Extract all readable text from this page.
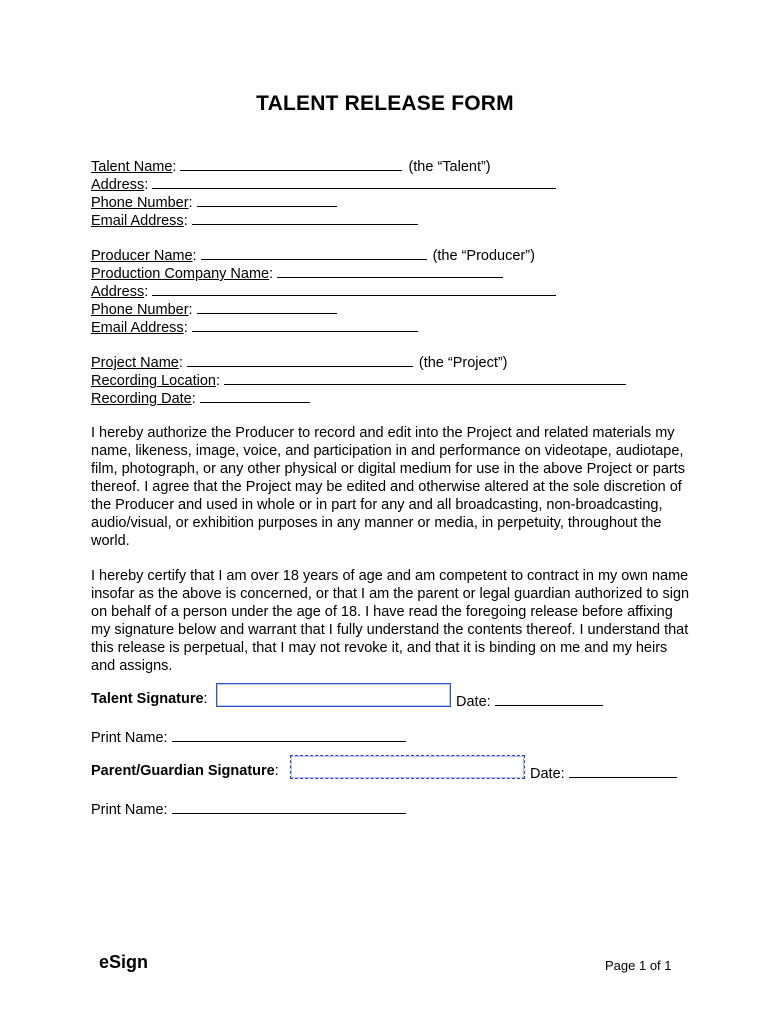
TALENT RELEASE FORM
Talent Name:	(the “Talent”)
Address:
Phone Number:
Email Address:
Producer Name:	(the “Producer”)
Production Company Name:
Address:
Phone Number:
Email Address:
Project Name:	(the “Project”)
Recording Location:
Recording Date:

I hereby authorize the Producer to record and edit into the Project and related materials my name, likeness, image, voice, and participation in and performance on videotape, audiotape, film, photograph, or any other physical or digital medium for use in the above Project or parts thereof. I agree that the Project may be edited and otherwise altered at the sole discretion of the Producer and used in whole or in part for any and all broadcasting, non-broadcasting, audio/visual, or exhibition purposes in any manner or media, in perpetuity, throughout the world.

I hereby certify that I am over 18 years of age and am competent to contract in my own name insofar as the above is concerned, or that I am the parent or legal guardian authorized to sign on behalf of a person under the age of 18. I have read the foregoing release before affixing my signature below and warrant that I fully understand the contents thereof. I understand that this release is perpetual, that I may not revoke it, and that it is binding on me and my heirs and assigns.

Talent Signature:	Date:
Print Name:
Parent/Guardian Signature:	Date:
Print Name:
eSign	Page 1 of 1
